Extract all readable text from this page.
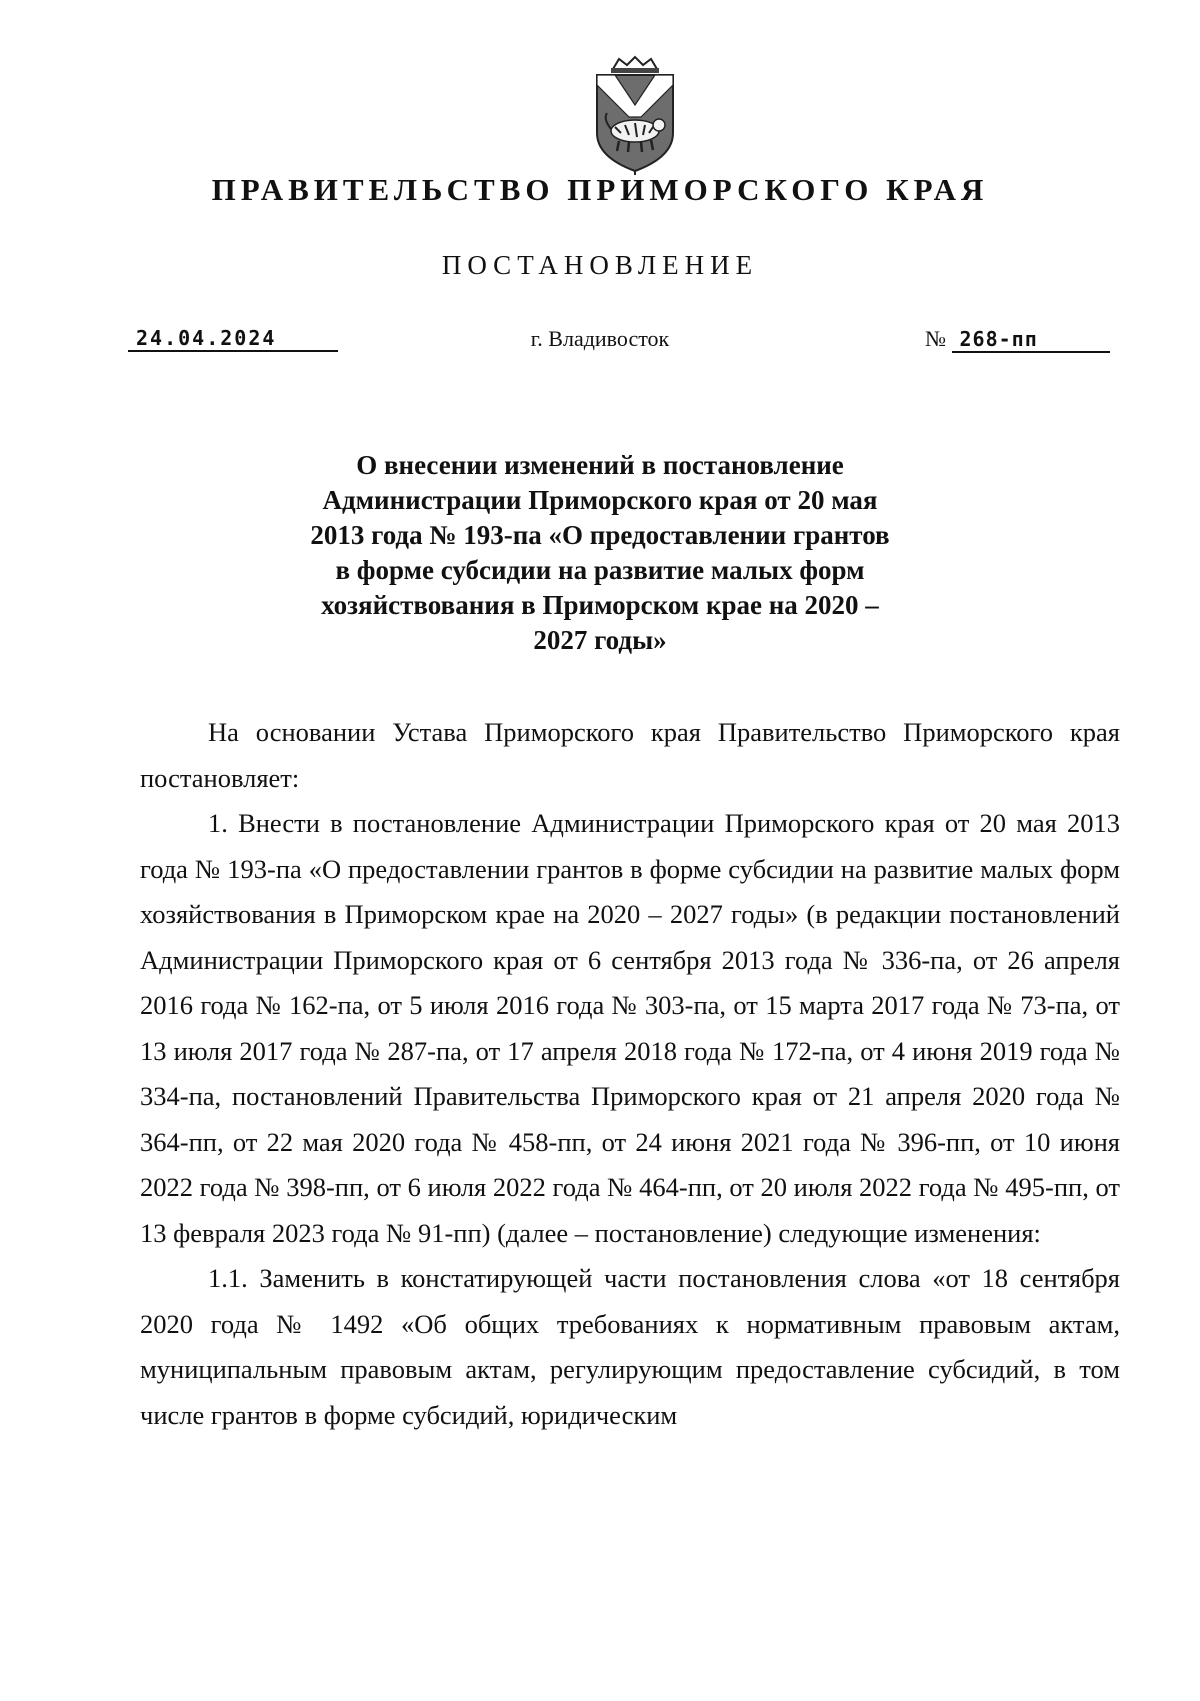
ПРАВИТЕЛЬСТВО ПРИМОРСКОГО КРАЯ
ПОСТАНОВЛЕНИЕ
24.04.2024	г. Владивосток	№ 268-пп
О внесении изменений в постановление Администрации Приморского края от 20 мая 2013 года № 193-па «О предоставлении грантов в форме субсидии на развитие малых форм хозяйствования в Приморском крае на 2020 – 2027 годы»

На основании Устава Приморского края Правительство Приморского края постановляет:

1. Внести в постановление Администрации Приморского края от 20 мая 2013 года № 193-па «О предоставлении грантов в форме субсидии на развитие малых форм хозяйствования в Приморском крае на 2020 – 2027 годы» (в редакции постановлений Администрации Приморского края от 6 сентября 2013 года № 336-па, от 26 апреля 2016 года № 162-па, от 5 июля 2016 года № 303-па, от 15 марта 2017 года № 73-па, от 13 июля 2017 года № 287-па, от 17 апреля 2018 года № 172-па, от 4 июня 2019 года № 334-па, постановлений Правительства Приморского края от 21 апреля 2020 года № 364-пп, от 22 мая 2020 года № 458-пп, от 24 июня 2021 года № 396-пп, от 10 июня 2022 года № 398-пп, от 6 июля 2022 года № 464-пп, от 20 июля 2022 года № 495-пп, от 13 февраля 2023 года № 91-пп) (далее – постановление) следующие изменения:

1.1. Заменить в констатирующей части постановления слова «от 18 сентября 2020 года № 1492 «Об общих требованиях к нормативным правовым актам, муниципальным правовым актам, регулирующим предоставление субсидий, в том числе грантов в форме субсидий, юридическим
